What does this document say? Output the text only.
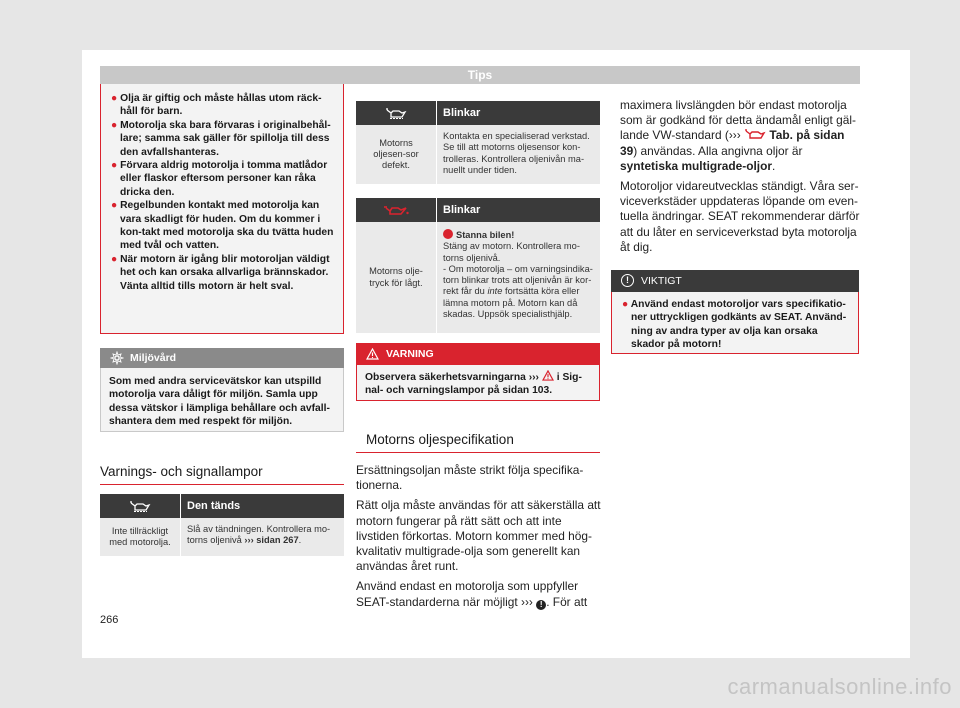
Tips

● Olja är giftig och måste hållas utom räck-håll för barn.

● Motorolja ska bara förvaras i originalbehål-lare; samma sak gäller för spillolja till dess den avfallshanteras.

● Förvara aldrig motorolja i tomma matlådor eller flaskor eftersom personer kan råka dricka den.

● Regelbunden kontakt med motorolja kan vara skadligt för huden. Om du kommer i kon-takt med motorolja ska du tvätta huden med tvål och vatten.

● När motorn är igång blir motoroljan väldigt het och kan orsaka allvarliga brännskador. Vänta alltid tills motorn är helt sval.

Miljövård
Som med andra servicevätskor kan utspilld motorolja vara dåligt för miljön. Samla upp dessa vätskor i lämpliga behållare och avfall-shantera dem med respekt för miljön.
Varnings- och signallampor
Den tänds
Inte tillräckligt med motorolja.
Slå av tändningen. Kontrollera mo-torns oljenivå ››› sidan 267.
Blinkar
Motorns oljesen-sor defekt.
Kontakta en specialiserad verkstad. Se till att motorns oljesensor kon-trolleras. Kontrollera oljenivån ma-nuellt under tiden.
Blinkar
Motorns olje-tryck för lågt.
Stanna bilen!
Stäng av motorn. Kontrollera mo-torns oljenivå.
- Om motorolja – om varningsindika-torn blinkar trots att oljenivån är kor-rekt får du inte fortsätta köra eller lämna motorn på. Motorn kan då skadas. Uppsök specialisthjälp.
VARNING
Observera säkerhetsvarningarna ›››  i Sig-nal- och varningslampor på sidan 103.
Motorns oljespecifikation

Ersättningsoljan måste strikt följa specifika-tionerna.

Rätt olja måste användas för att säkerställa att motorn fungerar på rätt sätt och att inte livstiden förkortas. Motorn kommer med hög-kvalitativ multigrade-olja som generellt kan användas året runt.

Använd endast en motorolja som uppfyller SEAT-standarderna när möjligt ››› ! . För att

maximera livslängden bör endast motorolja som är godkänd för detta ändamål enligt gäl-lande VW-standard (››› Tab. på sidan 39) användas. Alla angivna oljor är syntetiska multigrade-oljor.

Motoroljor vidareutvecklas ständigt. Våra ser-viceverkstäder uppdateras löpande om even-tuella ändringar. SEAT rekommenderar därför att du låter en serviceverkstad byta motorolja åt dig.

!	VIKTIGT

● Använd endast motoroljor vars specifikatio-ner uttryckligen godkänts av SEAT. Använd-ning av andra typer av olja kan orsaka skador på motorn!

266
carmanualsonline.info
